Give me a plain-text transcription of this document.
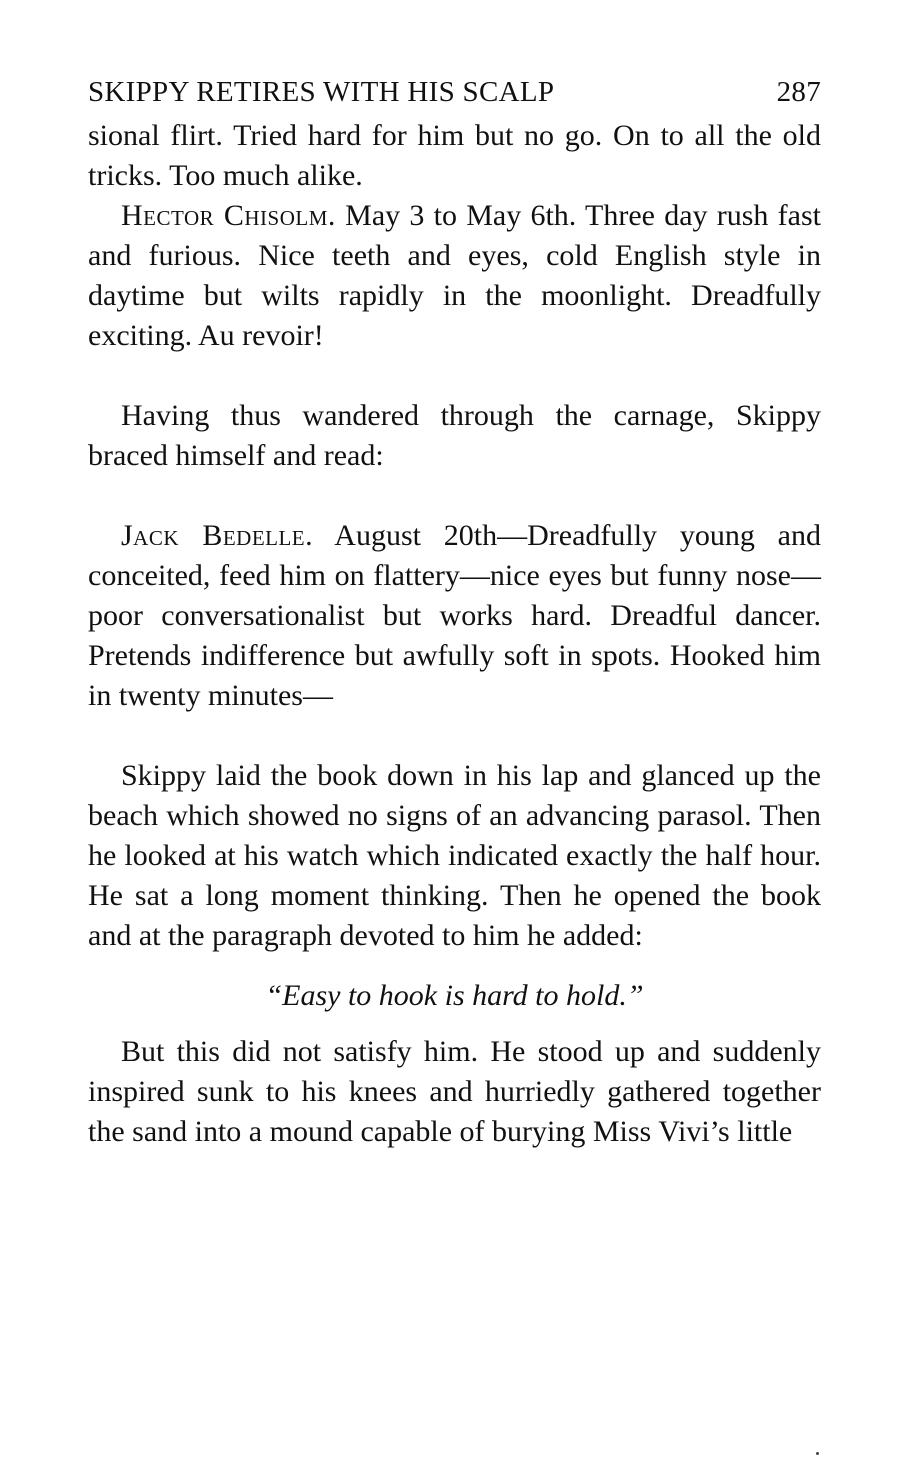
SKIPPY RETIRES WITH HIS SCALP	287

sional flirt. Tried hard for him but no go. On to all the old tricks. Too much alike.

Hector Chisolm. May 3 to May 6th. Three day rush fast and furious. Nice teeth and eyes, cold English style in daytime but wilts rapidly in the moonlight. Dreadfully exciting. Au revoir!

Having thus wandered through the carnage, Skippy braced himself and read:

Jack Bedelle. August 20th—Dreadfully young and conceited, feed him on flattery—nice eyes but funny nose—poor conversationalist but works hard. Dreadful dancer. Pretends indifference but awfully soft in spots. Hooked him in twenty minutes—

Skippy laid the book down in his lap and glanced up the beach which showed no signs of an advancing parasol. Then he looked at his watch which indicated exactly the half hour. He sat a long moment thinking. Then he opened the book and at the paragraph devoted to him he added:

“Easy to hook is hard to hold.”

But this did not satisfy him. He stood up and suddenly inspired sunk to his knees and hurriedly gathered together the sand into a mound capable of burying Miss Vivi’s little
